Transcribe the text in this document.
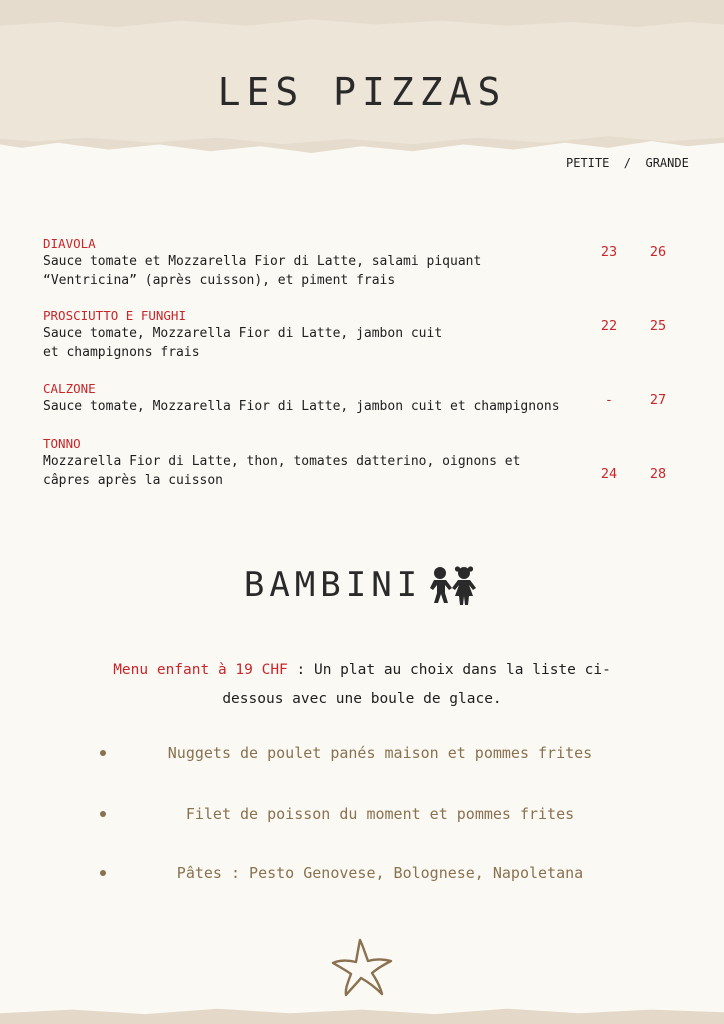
LES PIZZAS
PETITE  /  GRANDE
DIAVOLA
Sauce tomate et Mozzarella Fior di Latte, salami piquant
“Ventricina” (après cuisson), et piment frais
23	26
PROSCIUTTO E FUNGHI
Sauce tomate, Mozzarella Fior di Latte, jambon cuit
et champignons frais
22	25
CALZONE
Sauce tomate, Mozzarella Fior di Latte, jambon cuit et champignons	-	27
TONNO
Mozzarella Fior di Latte, thon, tomates datterino, oignons et
câpres après la cuisson	24	28
BAMBINI
Menu enfant à 19 CHF : Un plat au choix dans la liste ci-
dessous avec une boule de glace.
Nuggets de poulet panés maison et pommes frites
Filet de poisson du moment et pommes frites
Pâtes : Pesto Genovese, Bolognese, Napoletana
